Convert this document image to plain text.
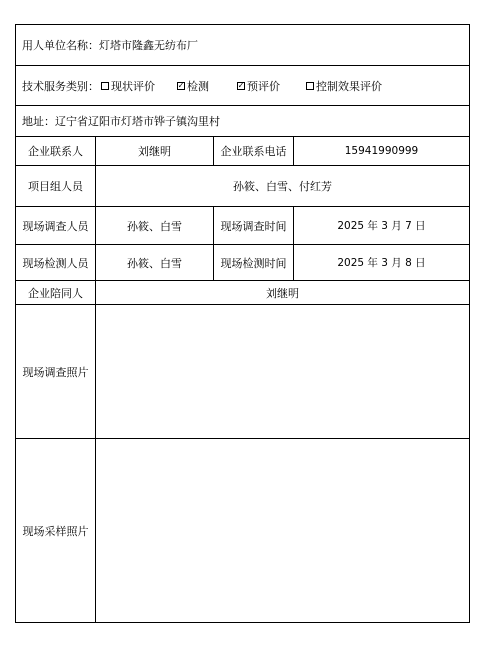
用人单位名称： 灯塔市隆鑫无纺布厂
技术服务类别： 现状评价	✓ 检测	✓ 预评价	控制效果评价
地址： 辽宁省辽阳市灯塔市铧子镇沟里村
企业联系人	刘继明	企业联系电话	15941990999
项目组人员	孙筱、白雪、付红芳
现场调查人员	孙筱、白雪	现场调查时间	2025 年 3 月 7 日
现场检测人员	孙筱、白雪	现场检测时间	2025 年 3 月 8 日
企业陪同人	刘继明
现场调查照片
现场采样照片
